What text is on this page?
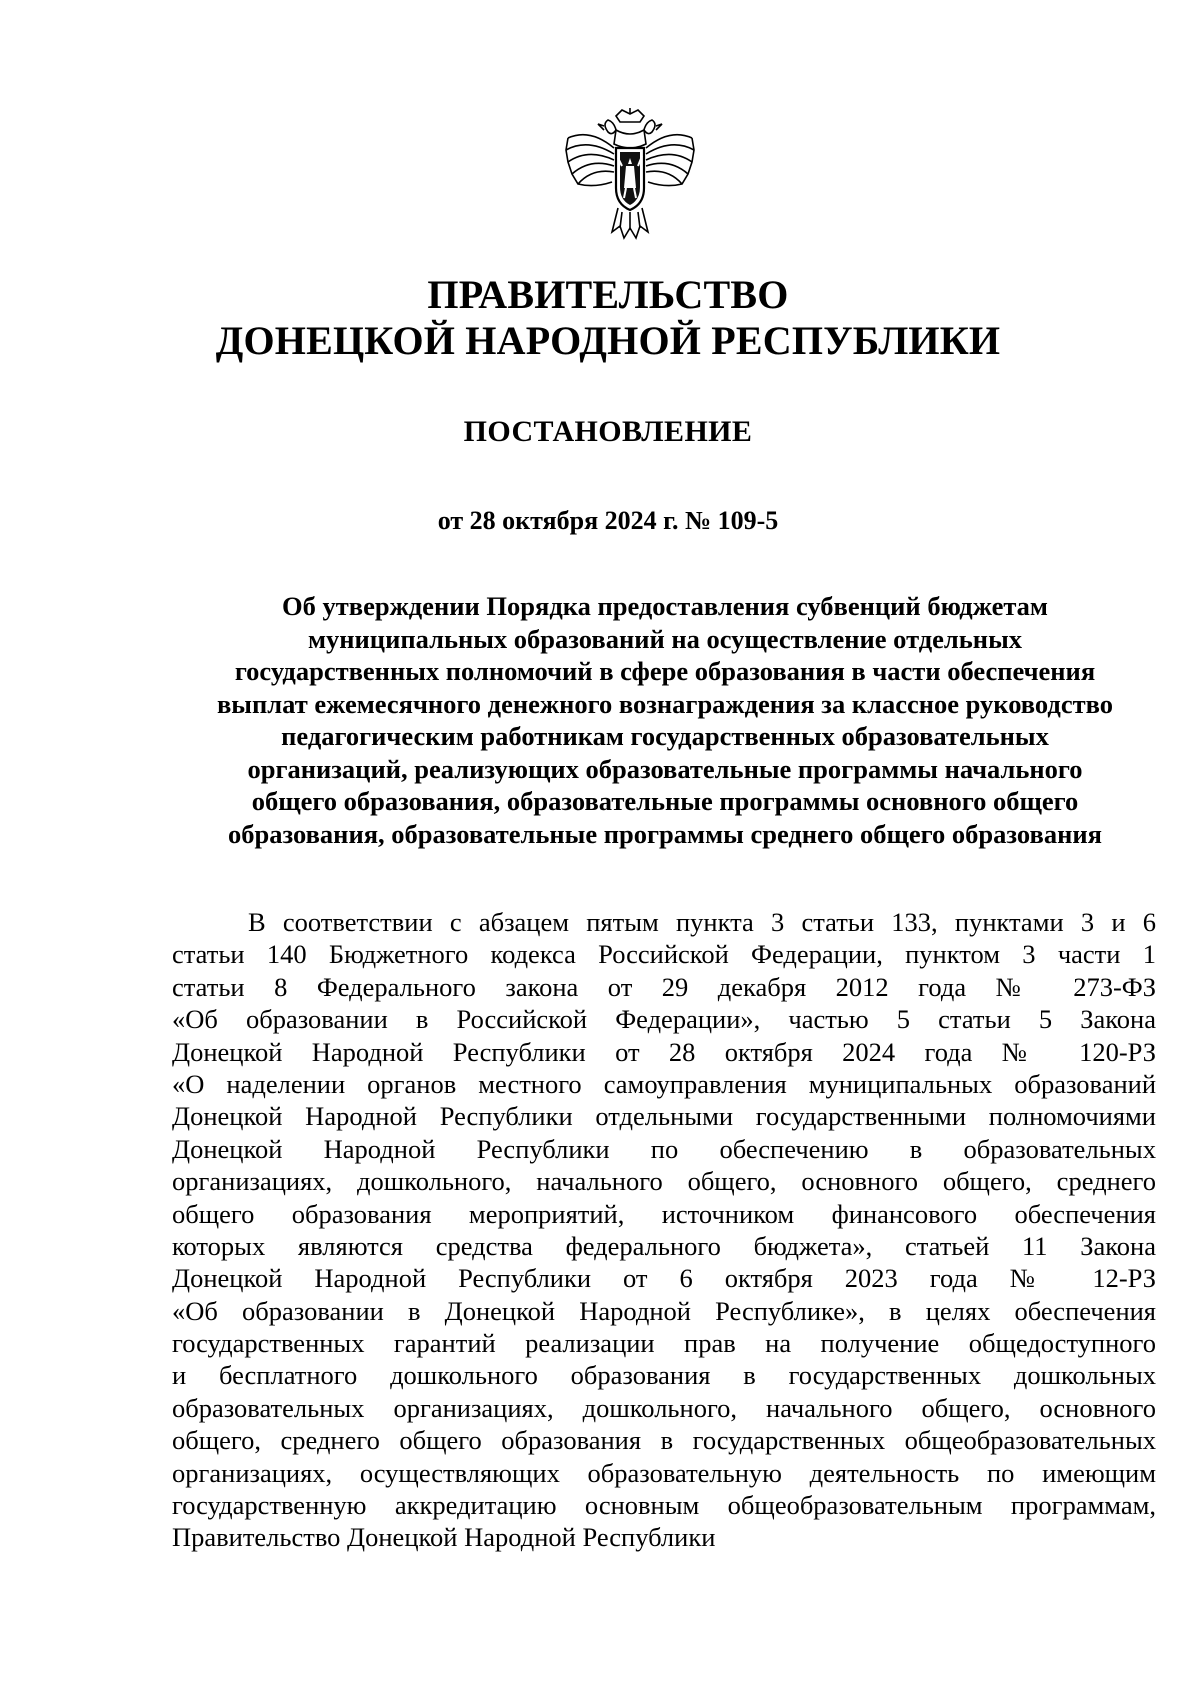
ПРАВИТЕЛЬСТВО
ДОНЕЦКОЙ НАРОДНОЙ РЕСПУБЛИКИ
ПОСТАНОВЛЕНИЕ
от 28 октября 2024 г. № 109-5
Об утверждении Порядка предоставления субвенций бюджетам
муниципальных образований на осуществление отдельных
государственных полномочий в сфере образования в части обеспечения
выплат ежемесячного денежного вознаграждения за классное руководство
педагогическим работникам государственных образовательных
организаций, реализующих образовательные программы начального
общего образования, образовательные программы основного общего
образования, образовательные программы среднего общего образования
В соответствии с абзацем пятым пункта 3 статьи 133, пунктами 3 и 6
статьи 140 Бюджетного кодекса Российской Федерации, пунктом 3 части 1
статьи 8 Федерального закона от 29 декабря 2012 года № 273-ФЗ
«Об образовании в Российской Федерации», частью 5 статьи 5 Закона
Донецкой Народной Республики от 28 октября 2024 года № 120-РЗ
«О наделении органов местного самоуправления муниципальных образований
Донецкой Народной Республики отдельными государственными полномочиями
Донецкой Народной Республики по обеспечению в образовательных
организациях, дошкольного, начального общего, основного общего, среднего
общего образования мероприятий, источником финансового обеспечения
которых являются средства федерального бюджета», статьей 11 Закона
Донецкой Народной Республики от 6 октября 2023 года № 12-РЗ
«Об образовании в Донецкой Народной Республике», в целях обеспечения
государственных гарантий реализации прав на получение общедоступного
и бесплатного дошкольного образования в государственных дошкольных
образовательных организациях, дошкольного, начального общего, основного
общего, среднего общего образования в государственных общеобразовательных
организациях, осуществляющих образовательную деятельность по имеющим
государственную аккредитацию основным общеобразовательным программам,
Правительство Донецкой Народной Республики
